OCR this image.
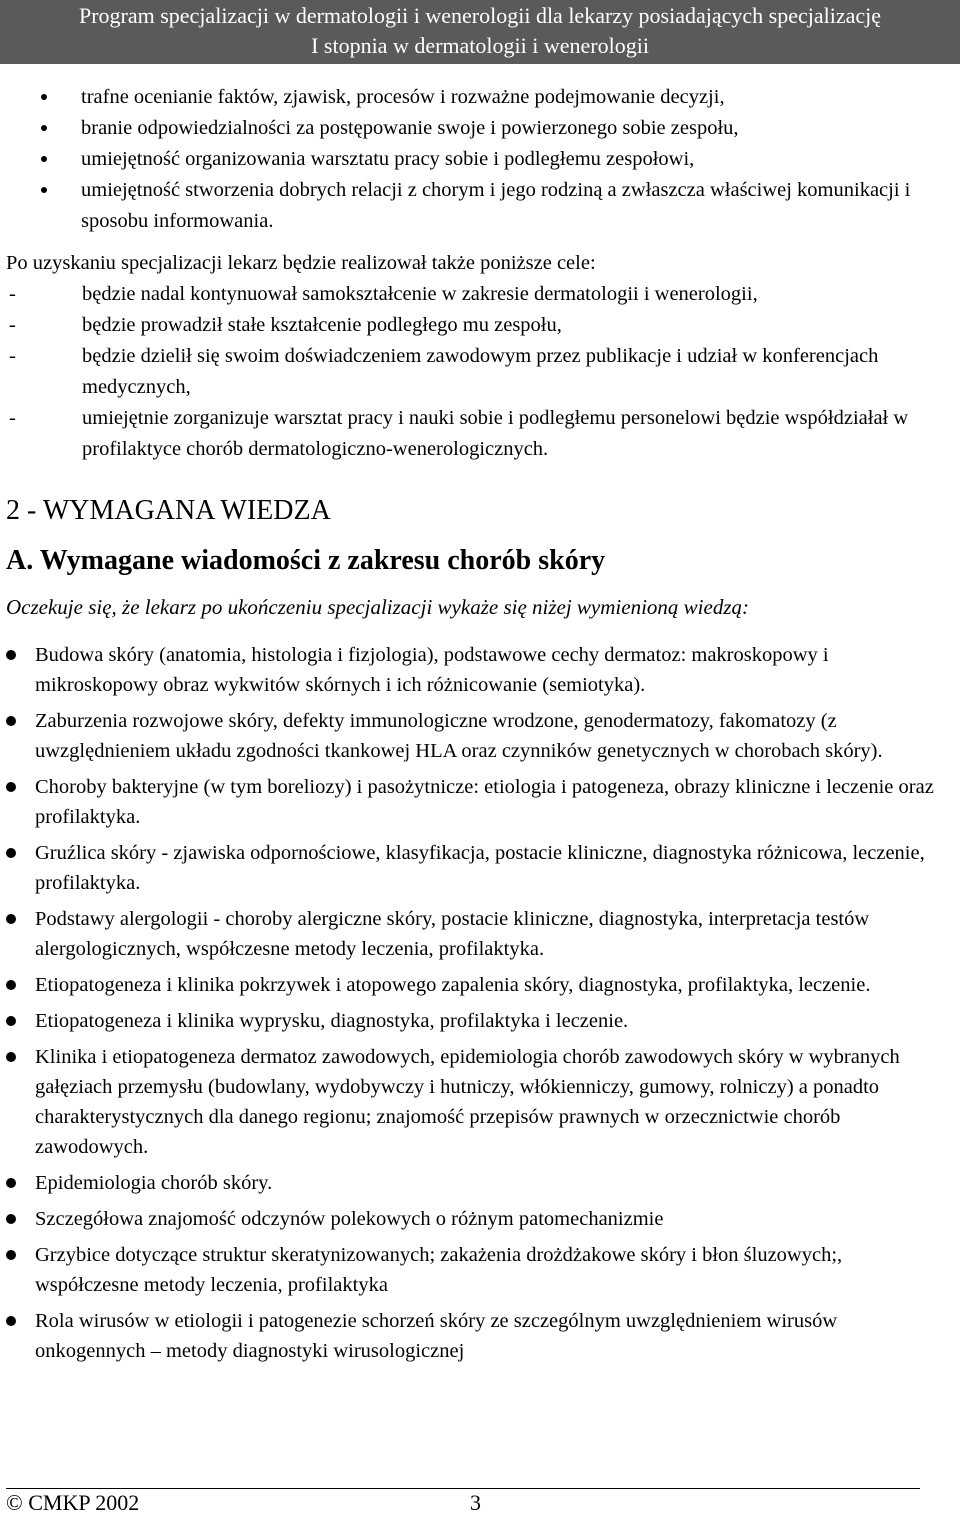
Program specjalizacji w dermatologii i wenerologii dla lekarzy posiadających specjalizację
I stopnia w dermatologii i wenerologii
trafne ocenianie faktów, zjawisk, procesów i rozważne podejmowanie decyzji,
branie odpowiedzialności za postępowanie swoje i powierzonego sobie zespołu,
umiejętność organizowania warsztatu pracy sobie i podległemu zespołowi,
umiejętność stworzenia dobrych relacji z chorym i jego rodziną a zwłaszcza właściwej komunikacji i sposobu informowania.
Po uzyskaniu specjalizacji lekarz będzie realizował także poniższe cele:
- będzie nadal kontynuował samokształcenie w zakresie dermatologii i wenerologii,
- będzie prowadził stałe kształcenie podległego mu zespołu,
- będzie dzielił się swoim doświadczeniem zawodowym przez publikacje i udział w konferencjach medycznych,
- umiejętnie zorganizuje warsztat pracy i nauki sobie i podległemu personelowi będzie współdziałał w profilaktyce chorób dermatologiczno-wenerologicznych.
2 - WYMAGANA WIEDZA
A. Wymagane wiadomości z zakresu chorób skóry
Oczekuje się, że lekarz po ukończeniu specjalizacji wykaże się niżej wymienioną wiedzą:
Budowa skóry (anatomia, histologia i fizjologia), podstawowe cechy dermatoz: makroskopowy i mikroskopowy obraz wykwitów skórnych i ich różnicowanie (semiotyka).
Zaburzenia rozwojowe skóry, defekty immunologiczne wrodzone, genodermatozy, fakomatozy (z uwzględnieniem układu zgodności tkankowej HLA oraz czynników genetycznych w chorobach skóry).
Choroby bakteryjne (w tym boreliozy) i pasożytnicze: etiologia i patogeneza, obrazy kliniczne i leczenie oraz profilaktyka.
Gruźlica skóry - zjawiska odpornościowe, klasyfikacja, postacie kliniczne, diagnostyka różnicowa, leczenie, profilaktyka.
Podstawy alergologii - choroby alergiczne skóry, postacie kliniczne, diagnostyka, interpretacja testów alergologicznych, współczesne metody leczenia, profilaktyka.
Etiopatogeneza i klinika pokrzywek i atopowego zapalenia skóry, diagnostyka, profilaktyka, leczenie.
Etiopatogeneza i klinika wyprysku, diagnostyka, profilaktyka i leczenie.
Klinika i etiopatogeneza dermatoz zawodowych, epidemiologia chorób zawodowych skóry w wybranych gałęziach przemysłu (budowlany, wydobywczy i hutniczy, włókienniczy, gumowy, rolniczy) a ponadto charakterystycznych dla danego regionu; znajomość przepisów prawnych w orzecznictwie chorób zawodowych.
Epidemiologia chorób skóry.
Szczegółowa znajomość odczynów polekowych o różnym patomechanizmie
Grzybice dotyczące struktur skeratynizowanych; zakażenia drożdżakowe skóry i błon śluzowych;, współczesne metody leczenia, profilaktyka
Rola wirusów w etiologii i patogenezie schorzeń skóry ze szczególnym uwzględnieniem wirusów onkogennych – metody diagnostyki wirusologicznej
© CMKP 2002	3
